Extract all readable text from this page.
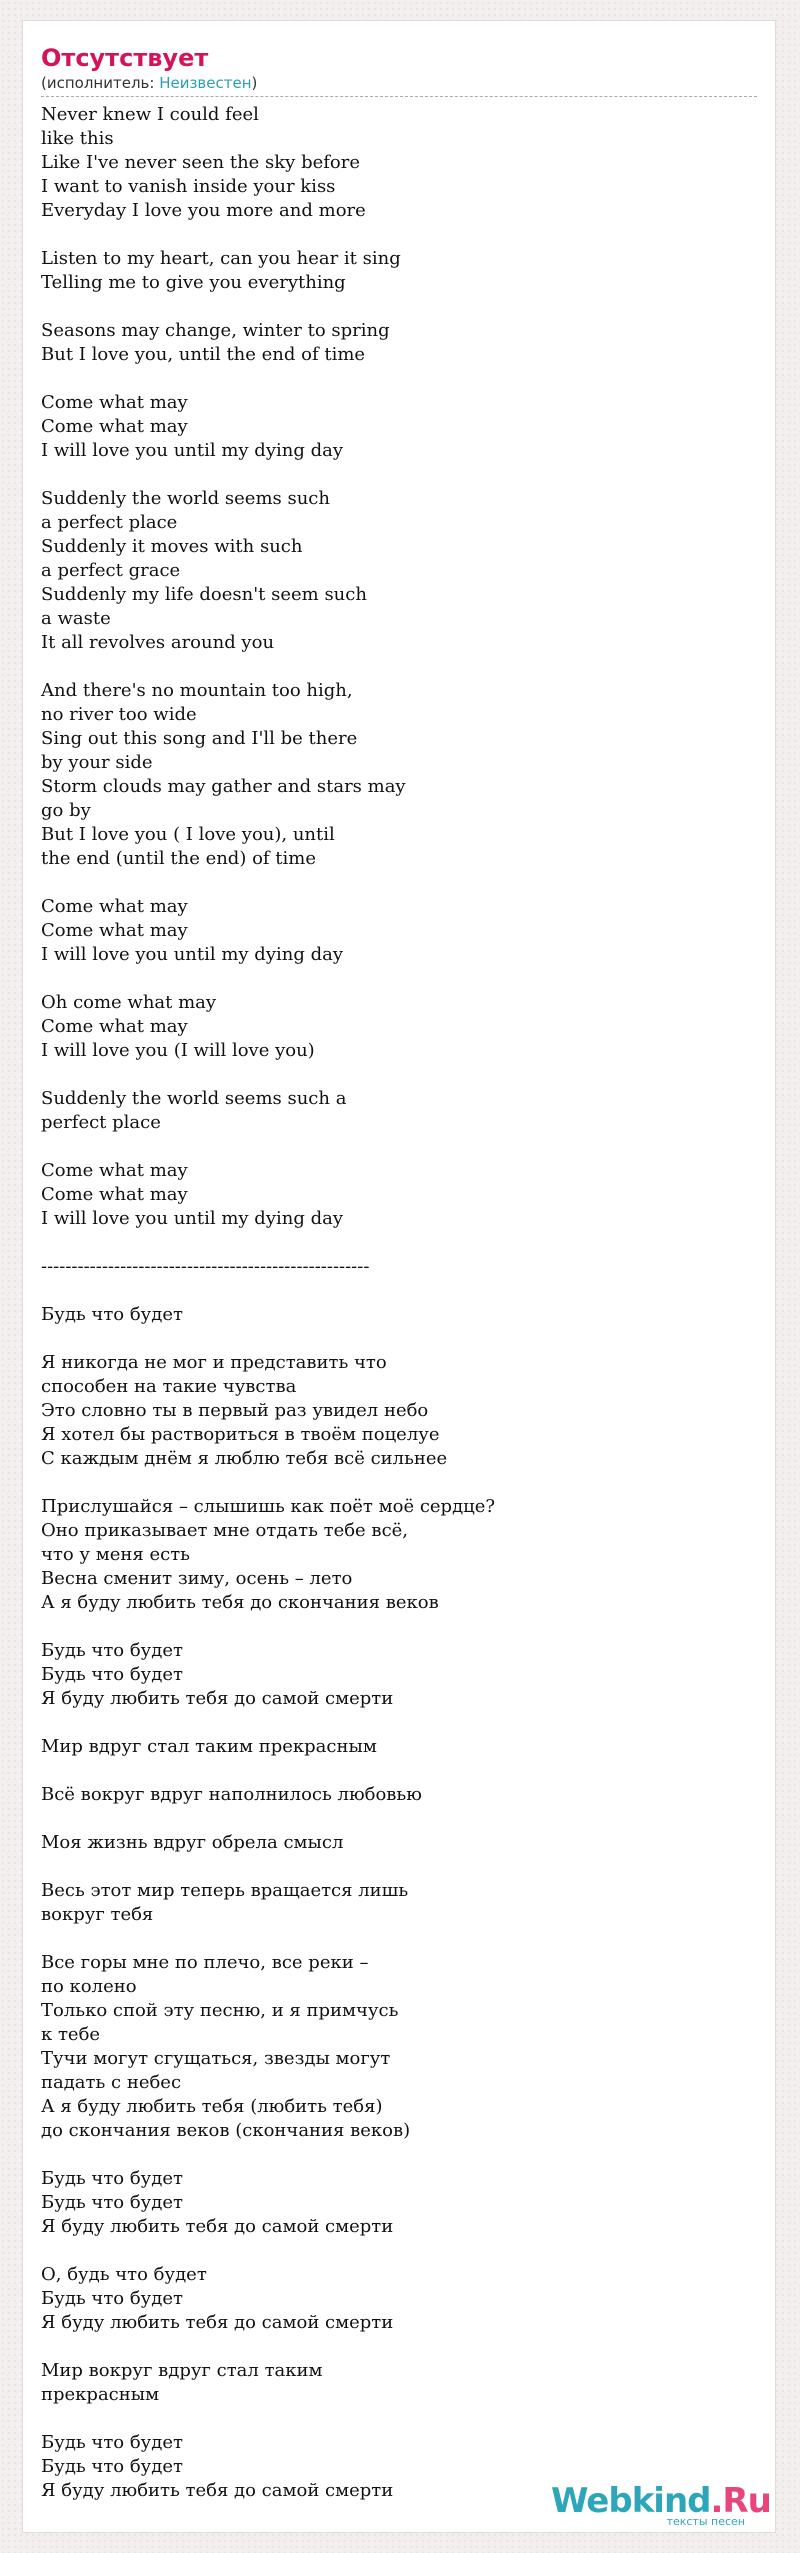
Отсутствует

(исполнитель: Неизвестен)

Never knew I could feel
like this
Like I've never seen the sky before
I want to vanish inside your kiss
Everyday I love you more and more

Listen to my heart, can you hear it sing
Telling me to give you everything

Seasons may change, winter to spring
But I love you, until the end of time

Come what may
Come what may
I will love you until my dying day

Suddenly the world seems such
a perfect place
Suddenly it moves with such
a perfect grace
Suddenly my life doesn't seem such
a waste
It all revolves around you

And there's no mountain too high,
no river too wide
Sing out this song and I'll be there
by your side
Storm clouds may gather and stars may
go by
But I love you ( I love you), until
the end (until the end) of time

Come what may
Come what may
I will love you until my dying day

Oh come what may
Come what may
I will love you (I will love you)

Suddenly the world seems such a
perfect place

Come what may
Come what may
I will love you until my dying day

------------------------------------------------------

Будь что будет

Я никогда не мог и представить что
способен на такие чувства
Это словно ты в первый раз увидел небо
Я хотел бы раствориться в твоём поцелуе
С каждым днём я люблю тебя всё сильнее

Прислушайся – слышишь как поёт моё сердце?
Оно приказывает мне отдать тебе всё,
что у меня есть
Весна сменит зиму, осень – лето
А я буду любить тебя до скончания веков

Будь что будет
Будь что будет
Я буду любить тебя до самой смерти

Мир вдруг стал таким прекрасным

Всё вокруг вдруг наполнилось любовью

Моя жизнь вдруг обрела смысл

Весь этот мир теперь вращается лишь
вокруг тебя

Все горы мне по плечо, все реки –
по колено
Только спой эту песню, и я примчусь
к тебе
Тучи могут сгущаться, звезды могут
падать с небес
А я буду любить тебя (любить тебя)
до скончания веков (скончания веков)

Будь что будет
Будь что будет
Я буду любить тебя до самой смерти

О, будь что будет
Будь что будет
Я буду любить тебя до самой смерти

Мир вокруг вдруг стал таким
прекрасным

Будь что будет
Будь что будет
Я буду любить тебя до самой смерти	Webkind.Ru
тексты песен
